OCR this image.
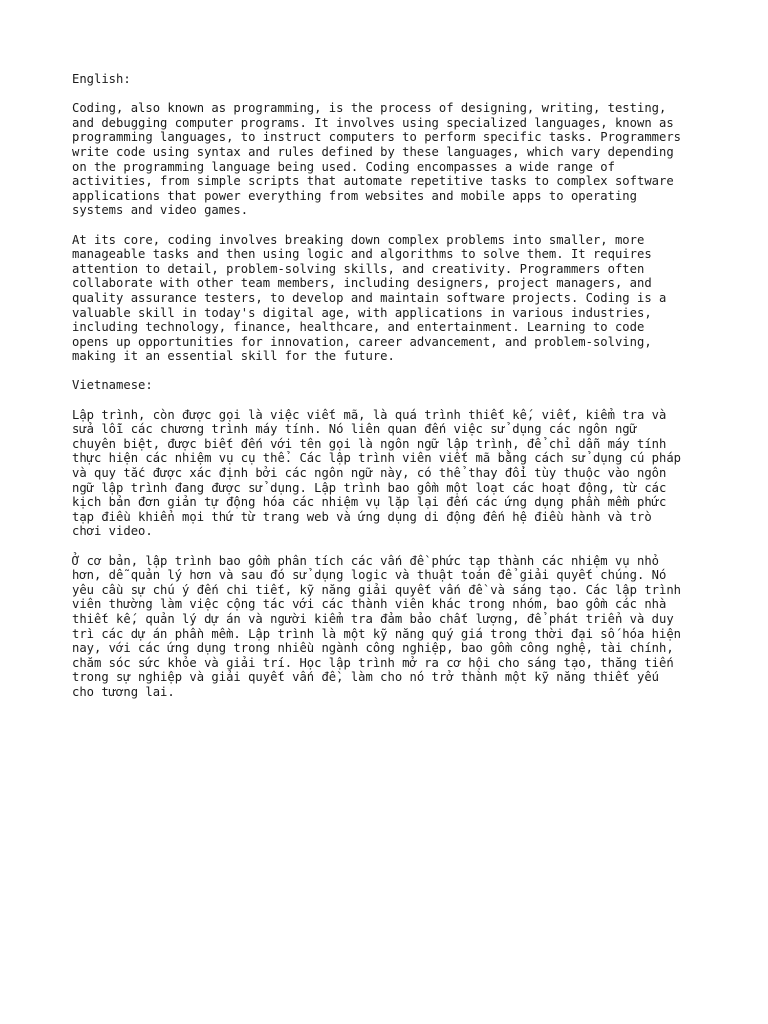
English:
Coding, also known as programming, is the process of designing, writing, testing,
and debugging computer programs. It involves using specialized languages, known as
programming languages, to instruct computers to perform specific tasks. Programmers
write code using syntax and rules defined by these languages, which vary depending
on the programming language being used. Coding encompasses a wide range of
activities, from simple scripts that automate repetitive tasks to complex software
applications that power everything from websites and mobile apps to operating
systems and video games.
At its core, coding involves breaking down complex problems into smaller, more
manageable tasks and then using logic and algorithms to solve them. It requires
attention to detail, problem-solving skills, and creativity. Programmers often
collaborate with other team members, including designers, project managers, and
quality assurance testers, to develop and maintain software projects. Coding is a
valuable skill in today's digital age, with applications in various industries,
including technology, finance, healthcare, and entertainment. Learning to code
opens up opportunities for innovation, career advancement, and problem-solving,
making it an essential skill for the future.
Vietnamese:
Lập trình, còn được gọi là việc viết mã, là quá trình thiết kế, viết, kiểm tra và
sửa lỗi các chương trình máy tính. Nó liên quan đến việc sử dụng các ngôn ngữ
chuyên biệt, được biết đến với tên gọi là ngôn ngữ lập trình, để chỉ dẫn máy tính
thực hiện các nhiệm vụ cụ thể. Các lập trình viên viết mã bằng cách sử dụng cú pháp
và quy tắc được xác định bởi các ngôn ngữ này, có thể thay đổi tùy thuộc vào ngôn
ngữ lập trình đang được sử dụng. Lập trình bao gồm một loạt các hoạt động, từ các
kịch bản đơn giản tự động hóa các nhiệm vụ lặp lại đến các ứng dụng phần mềm phức
tạp điều khiển mọi thứ từ trang web và ứng dụng di động đến hệ điều hành và trò
chơi video.
Ở cơ bản, lập trình bao gồm phân tích các vấn đề phức tạp thành các nhiệm vụ nhỏ
hơn, dễ quản lý hơn và sau đó sử dụng logic và thuật toán để giải quyết chúng. Nó
yêu cầu sự chú ý đến chi tiết, kỹ năng giải quyết vấn đề và sáng tạo. Các lập trình
viên thường làm việc cộng tác với các thành viên khác trong nhóm, bao gồm các nhà
thiết kế, quản lý dự án và người kiểm tra đảm bảo chất lượng, để phát triển và duy
trì các dự án phần mềm. Lập trình là một kỹ năng quý giá trong thời đại số hóa hiện
nay, với các ứng dụng trong nhiều ngành công nghiệp, bao gồm công nghệ, tài chính,
chăm sóc sức khỏe và giải trí. Học lập trình mở ra cơ hội cho sáng tạo, thăng tiến
trong sự nghiệp và giải quyết vấn đề, làm cho nó trở thành một kỹ năng thiết yếu
cho tương lai.
